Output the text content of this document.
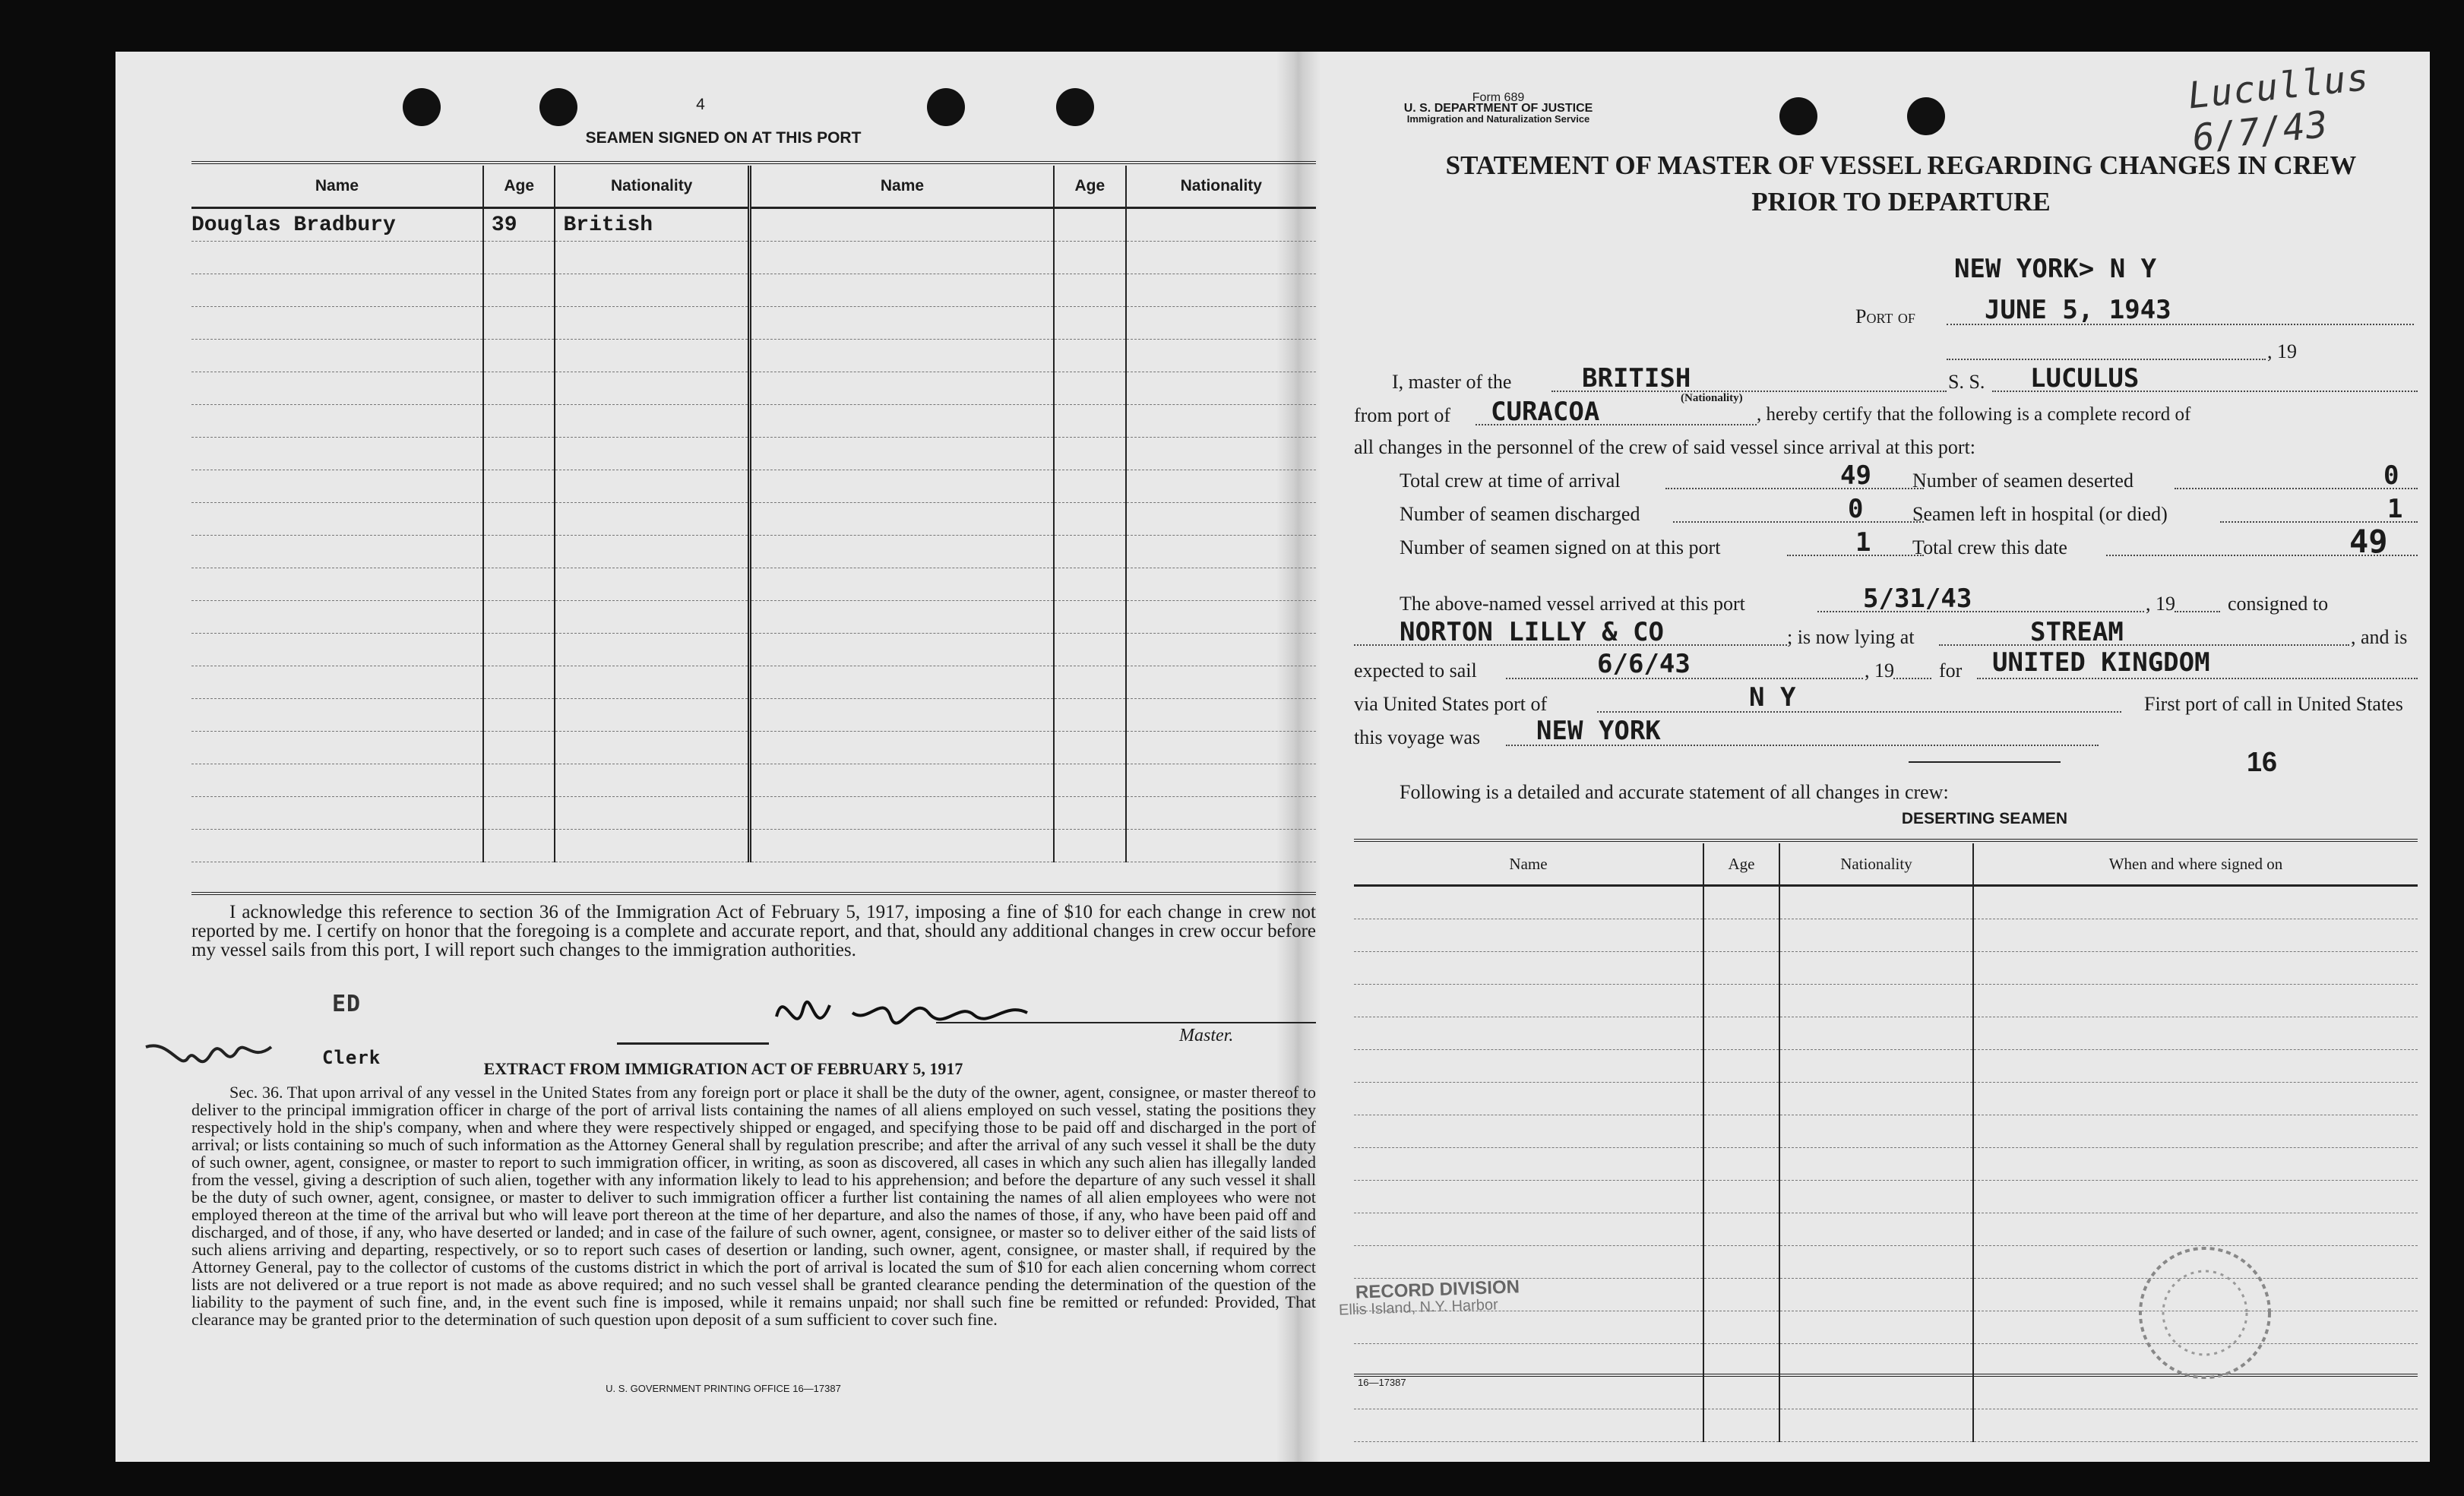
4
SEAMEN SIGNED ON AT THIS PORT
Name	Age	Nationality	Name	Age	Nationality
Douglas Bradbury	39	British			

I acknowledge this reference to section 36 of the Immigration Act of February 5, 1917, imposing a fine of $10 for each change in crew not reported by me. I certify on honor that the foregoing is a complete and accurate report, and that, should any additional changes in crew occur before my vessel sails from this port, I will report such changes to the immigration authorities.
ED
Clerk
Master.
EXTRACT FROM IMMIGRATION ACT OF FEBRUARY 5, 1917
Sec. 36. That upon arrival of any vessel in the United States from any foreign port or place it shall be the duty of the owner, agent, consignee, or master thereof to deliver to the principal immigration officer in charge of the port of arrival lists containing the names of all aliens employed on such vessel, stating the positions they respectively hold in the ship's company, when and where they were respectively shipped or engaged, and specifying those to be paid off and discharged in the port of arrival; or lists containing so much of such information as the Attorney General shall by regulation prescribe; and after the arrival of any such vessel it shall be the duty of such owner, agent, consignee, or master to report to such immigration officer, in writing, as soon as discovered, all cases in which any such alien has illegally landed from the vessel, giving a description of such alien, together with any information likely to lead to his apprehension; and before the departure of any such vessel it shall be the duty of such owner, agent, consignee, or master to deliver to such immigration officer a further list containing the names of all alien employees who were not employed thereon at the time of the arrival but who will leave port thereon at the time of her departure, and also the names of those, if any, who have been paid off and discharged, and of those, if any, who have deserted or landed; and in case of the failure of such owner, agent, consignee, or master so to deliver either of the said lists of such aliens arriving and departing, respectively, or so to report such cases of desertion or landing, such owner, agent, consignee, or master shall, if required by the Attorney General, pay to the collector of customs of the customs district in which the port of arrival is located the sum of $10 for each alien concerning whom correct lists are not delivered or a true report is not made as above required; and no such vessel shall be granted clearance pending the determination of the question of the liability to the payment of such fine, and, in the event such fine is imposed, while it remains unpaid; nor shall such fine be remitted or refunded: Provided, That clearance may be granted prior to the determination of such question upon deposit of a sum sufficient to cover such fine.
U. S. GOVERNMENT PRINTING OFFICE 16—17387
Form 689
U. S. DEPARTMENT OF JUSTICE
Immigration and Naturalization Service
Lucullus 6/7/43
STATEMENT OF MASTER OF VESSEL REGARDING CHANGES IN CREW
PRIOR TO DEPARTURE
NEW YORK> N Y
Port of	JUNE 5, 1943
, 19
I, master of the	BRITISH
(Nationality)
S. S. LUCULUS
from port of CURACOA	, hereby certify that the following is a complete record of
all changes in the personnel of the crew of said vessel since arrival at this port:
Total crew at time of arrival	49 Number of seamen deserted	0
Number of seamen discharged	0 Seamen left in hospital (or died)	1
Number of seamen signed on at this port	1 Total crew this date	49
The above-named vessel arrived at this port	5/31/43	, 19	consigned to
NORTON LILLY & CO	; is now lying at	STREAM	, and is
expected to sail	6/6/43	, 19 for UNITED KINGDOM
via United States port of	N Y	First port of call in United States
this voyage was NEW YORK
16
Following is a detailed and accurate statement of all changes in crew:
DESERTING SEAMEN
Name	Age	Nationality	When and where signed on

RECORD DIVISION
Ellis Island, N.Y. Harbor
16—17387
